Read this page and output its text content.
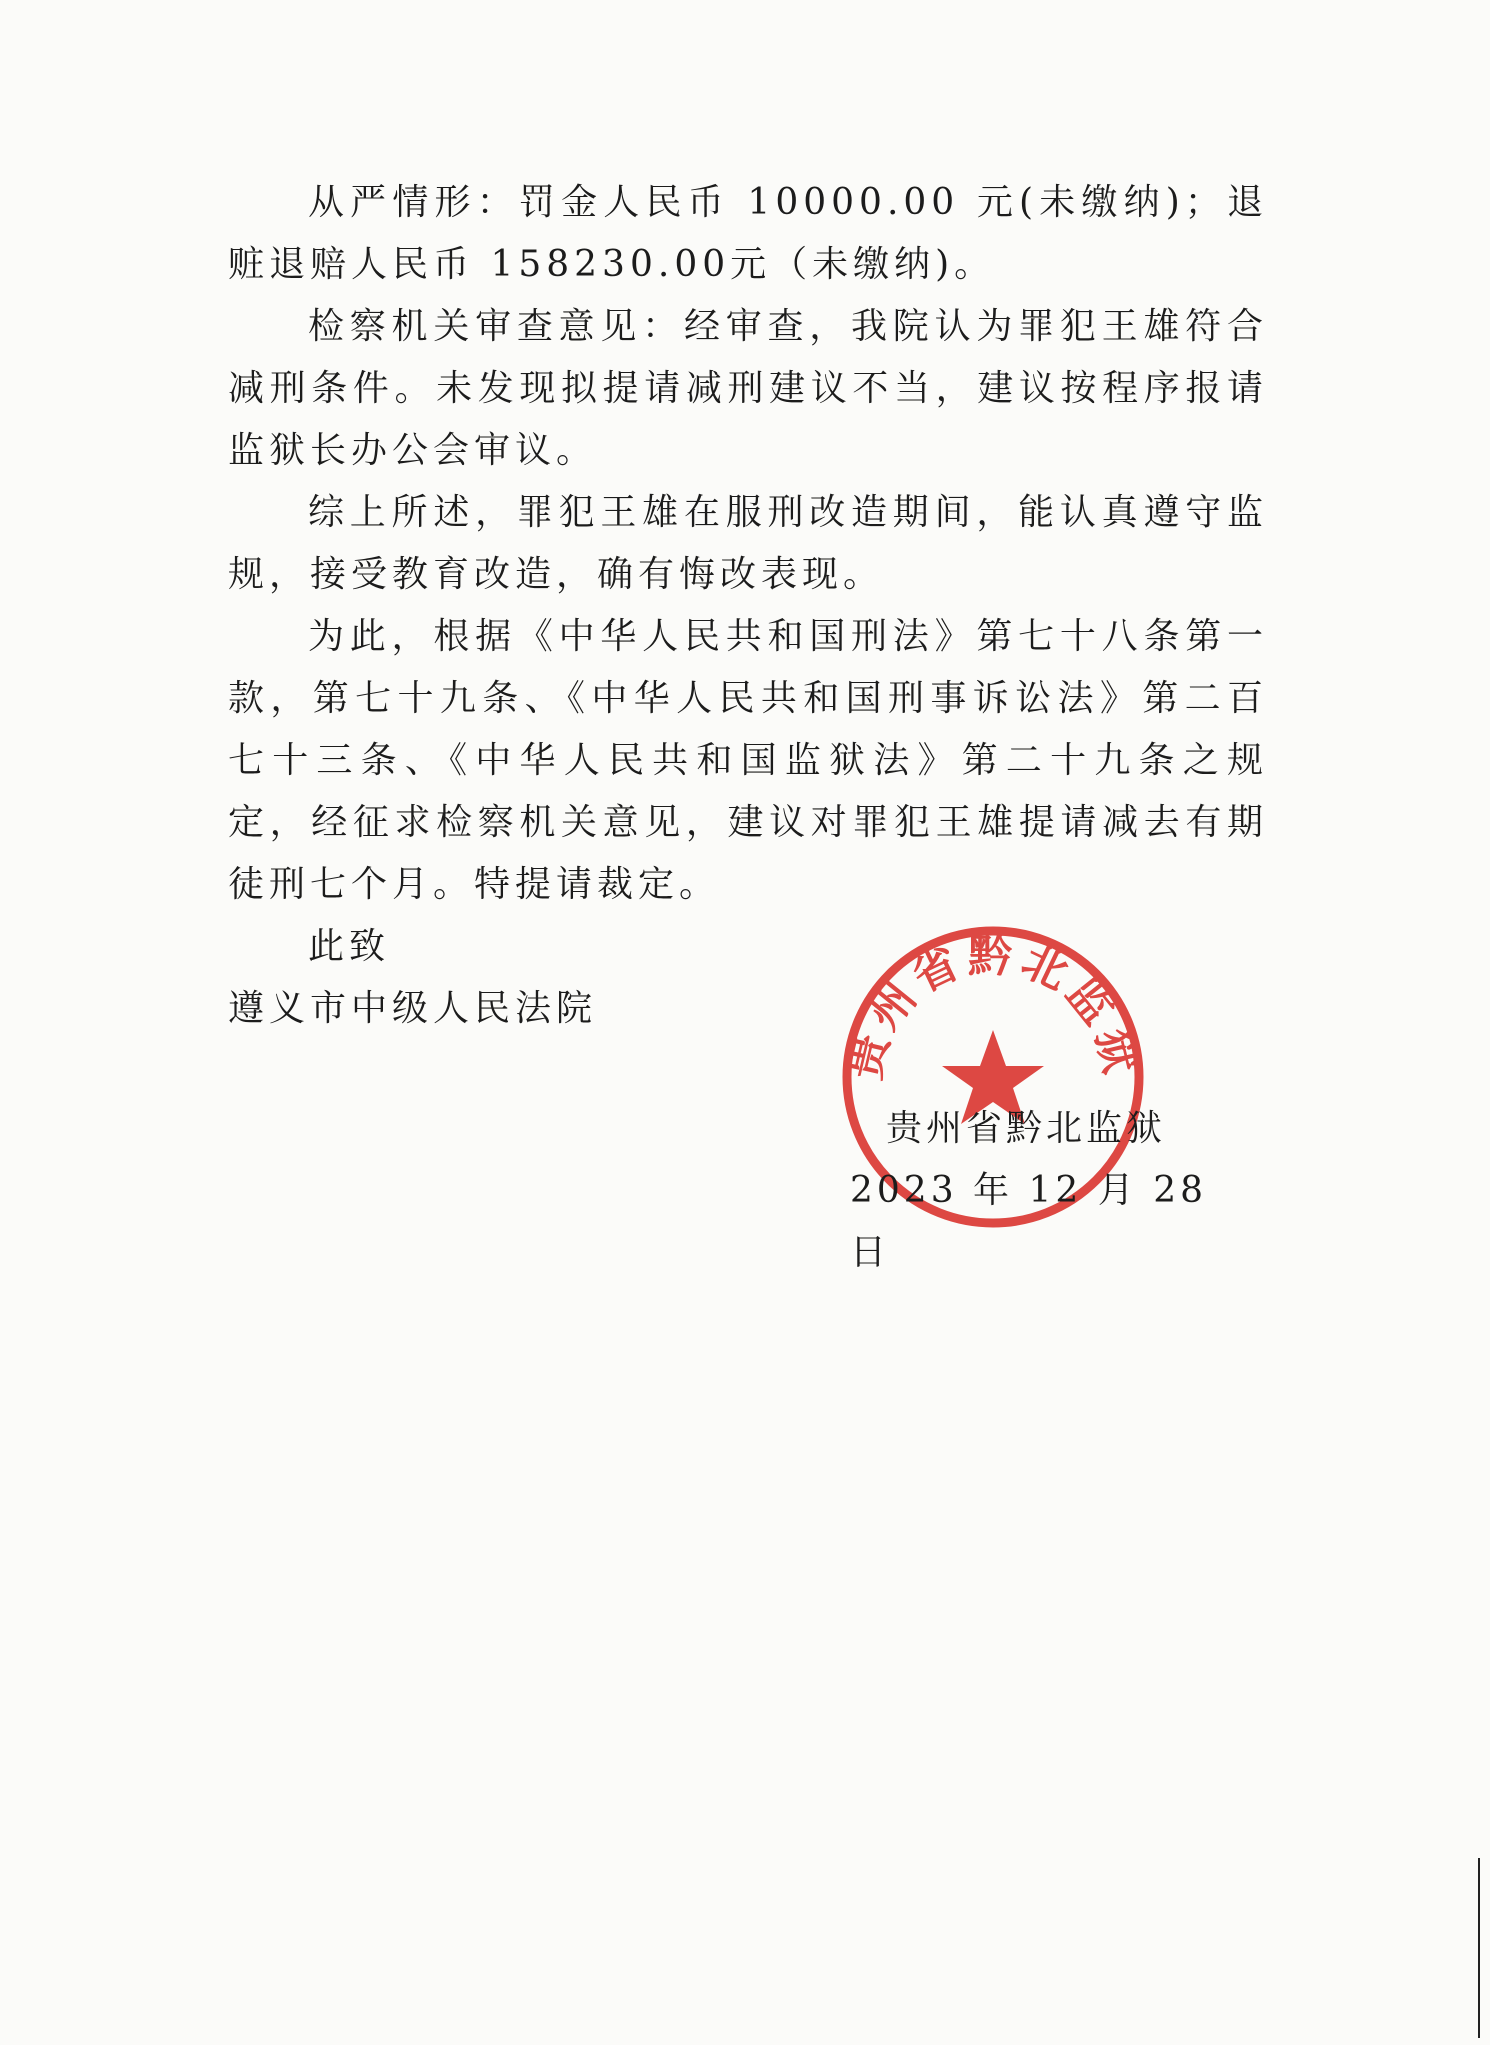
从严情形：罚金人民币 10000.00 元(未缴纳)；退赃退赔人民币 158230.00元（未缴纳)。

检察机关审查意见：经审查，我院认为罪犯王雄符合减刑条件。未发现拟提请减刑建议不当，建议按程序报请监狱长办公会审议。

综上所述，罪犯王雄在服刑改造期间，能认真遵守监规，接受教育改造，确有悔改表现。

为此，根据《中华人民共和国刑法》第七十八条第一款，第七十九条、《中华人民共和国刑事诉讼法》第二百七十三条、《中华人民共和国监狱法》第二十九条之规定，经征求检察机关意见，建议对罪犯王雄提请减去有期徒刑七个月。特提请裁定。

此致

遵义市中级人民法院

贵州省黔北监狱

贵州省黔北监狱

2023 年 12 月 28 日
